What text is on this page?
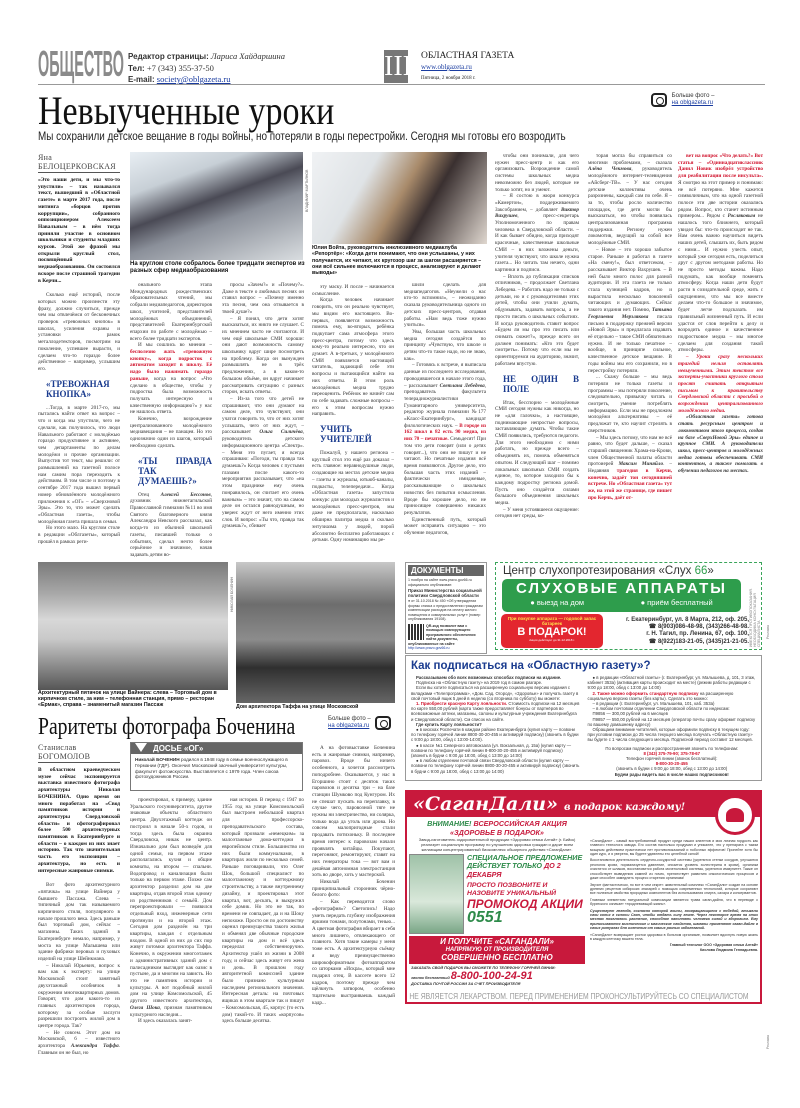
ОБЩЕСТВО Редактор страницы: Лариса Хайдаршина
Тел: +7 (343) 355-37-50
E-mail: society@oblgazeta.ru	III ОБЛАСТНАЯ ГАЗЕТА
www.oblgazeta.ru
Пятница, 2 ноября 2018 г.
Невыученные уроки
Мы сохранили детское вещание в годы войны, но потеряли в годы перестройки. Сегодня мы готовы его возродить
Больше фото –
на oblgazeta.ru
Яна БЕЛОЦЕРКОВСКАЯ
«Это наши дети, и мы что-то упустили» – так назывался текст, вышедший в «Областной газете» в марте 2017 года, после митинга «борцов против коррупции», собранного оппозиционером Алексеем Навальным – в нём тогда приняли участие в основном школьники и студенты младших курсов. Этой же фразой мы открыли круглый стол, посвящённый медиаобразованию. Он состоялся вскоре после страшной трагедии в Керчи...

Сколько ещё историй, после которых можно произнести эту фразу, должно случиться, прежде чем мы отвлечёмся от бесконечных проверок «тревожных кнопок» в школах, усиления охраны и установки рамок металлодетекторов, посмотрим на поколение, успевшее вырасти, и сделаем что-то гораздо более действенное – например, услышим его.

«ТРЕВОЖНАЯ КНОПКА»

...Тогда, в марте 2017-го, мы пытались найти ответ на вопрос – что и когда мы упустили, чего не сделали, как получилось, что люди Навального работают с молодёжью гораздо продуктивнее и активнее, чем департаменты по делам молодёжи и прочие организации. Выпустив тот текст, мы решили: от размышлений на газетной полосе нам самим пора переходить к действиям. В том числе и поэтому в сентябре 2017 года вышел первый номер обновлённого молодёжного приложения к «ОГ» – «Сверхновой Эры». Это то, что может сделать «Областная газета», чтобы молодёжная газета пришла в семьи.

Но этого мало. На круглом столе в редакции «Облгазеты», который прошёл в рамках реги-

ВЛАДИМИР МАРТЬЯНОВ
На круглом столе собралось более тридцати экспертов из разных сфер медиаобразования
Юлия Войта, руководитель инклюзивного медиаклуба «Репортёр»: «Когда дети понимают, что они услышаны, у них получается, их читают, их кругозор шаг за шагом расширяется – они всё сильнее включаются в процесс, анализируют и делают выводы»

онального этапа Международных рождественских образовательных чтений, мы собрали медиапедагогов, директоров школ, учителей, представителей молодёжных объединений, представителей Екатеринбургской епархии по работе с молодёжью – всего более тридцати экспертов.

И мы сошлись во мнении – бесполезно жать «тревожную кнопку», когда подросток с автоматом заходит в школу. Её надо было нажимать гораздо раньше, когда на вопрос «Что сделано в обществе, чтобы у подростка была возможность получать интересную и качественную информацию?» у нас не нашлось ответа.

Конечно, возрождение централизованного молодёжного медиавещания – не панацея. Но это однозначно один из шагов, который необходимо сделать.

«ТЫ ПРАВДА ТАК ДУМАЕШЬ?»

Отец Алексей Бессонов, духовник нижнетагильской Православной гимназии №11 во имя Святого благоверного князя Александра Невского рассказал, как когда-то из обычной школьной газеты, писавшей только о событиях, сделал нечто более серьёзное и значимое, начав задавать детям во-

просы «Зачем?» и «Почему?». Даже в тексте о любимых песнях он ставил вопрос – «Почему именно эта песня, чем она отзывается в твоей душе?»

– Я понял, что дети хотят высказаться, их никто не слушает. С их мнением часто не считаются. И чем ещё школьные СМИ хороши: они дают возможность самому школьнику вдруг шире посмотреть на проблему. Когда он вынужден размышлять не в трёх предложениях, а в каком-то большом объёме, он вдруг начинает рассматривать ситуацию с разных сторон, искать ответы.

– Из-за того что детей не спрашивают, что они думают на самом деле, что чувствуют, они учатся говорить то, что от них хотят услышать, чего от них ждут, – рассказывает Ольга Силичёва, руководитель детского информационного центра «Спектр». – Меня это пугает, я всегда спрашиваю: «Погоди, ты правда так думаешь?» Когда человек с пустыми глазами после какого-то мероприятия рассказывает, что «на этом празднике ему очень понравилось, он считает его очень важным» – это значит, что на самом деле он остался равнодушным, но уверен: ждут от него именно этих слов. И вопрос: «Ты что, правда так думаешь?», сбивает

эту маску. И после – начинается осмысление.

Когда человек начинает говорить, что он реально чувствует, мы видим его настоящего. Во-первых, появляется возможность помочь ему, во-вторых, ребёнка подкупает сама атмосфера этого пресс-центра, потому что здесь кому-то реально интересно, что он думает. А в-третьих, у молодёжного СМИ появляется настоящий читатель, задающий себе эти вопросы и пытающийся найти на них ответы. В этом роль молодёжных медиа трудно переоценить. Ребёнок не начнёт сам по себе задавать сложные вопросы – его к этим вопросам нужно направить.

УЧИТЬ УЧИТЕЛЕЙ

Пожалуй, у нашего региона – круглый стол это ещё раз доказал – есть главное: неравнодушные люди, создающие на местах детские медиа – газеты и журналы, ютьюб-каналы, подкасты, телепередачи... Когда «Областная газета» запустила конкурс для молодых журналистов и молодёжных пресс-центров, мы даже не предполагали, насколько обширна палитра медиа и сколько энтузиазма у людей, порой абсолютно бесплатно работающих с детьми. Одну номинацию мы ре-

шили сделать для медиапедагогов. «Неужели о нас кто-то вспомнил», – неожиданно сказала руководительница одного из детских пресс-центров, отдавая работы. «Нам ведь тоже нужно учиться».

Увы, большая часть школьных медиа сегодня создаётся по принципу «Чувствую, что школе и детям что-то такое надо, но не знаю, как».

– Готовясь к встрече, я выписала данные из последнего исследования, проводившегося в начале этого года, – рассказывает Светлана Лебедева, преподаватель факультета телерадиожурналистики Гуманитарного университета, редактор журнала гимназии №177 «Класс-Екатеринбург», кандидат филологических наук. – В городе из 162 школ в 82 есть 90 медиа, из них 70 – печатные. Семьдесят! При том что дети говорят (или о детях говорят...), что они не пишут и не читают. Но печатные издания всё время появляются. Другое дело, что большая часть этих изданий – фактически имиджевые, рассказывающие о школьных новостях без попытки осмысления. Вроде бы хорошее дело, но не приносящее совершенно никаких результатов.

Единственный путь, который может исправить ситуацию – это обучение педагогов,

чтобы они понимали, для чего нужен пресс-центр и как его организовать. Возрождение самой системы школьных медиа невозможно без людей, которые не только хотят, но и умеют.

– Я состою в жюри конкурса «Камертон», поддерживаемого Заксобранием, – добавляет Виктор Вахрушев, пресс-секретарь Уполномоченного по правам человека в Свердловской области. – И как бывает обидно, когда приходят красочные, качественные школьные СМИ – в них вложены деньги, учителя чувствуют, что школе нужна газета... Но читать там нечего, одни картинки и подписи.

– Вплоть до публикации списков отличников, – продолжает Светлана Лебедева. – Работать надо не только с детьми, но и с руководителями этих детей, чтобы они учили думать, обдумывать, задавать вопросы, а не просто писать о школьных событиях. И когда руководитель ставит вопрос «Будем ли мы про это писать или снимать сюжет?», прежде всего он должен понимать: «Кто это будет смотреть». Потому что если мы не ориентируемся на аудиторию, значит, работаем впустую.

НЕ ОДИН В ПОЛЕ

Итак, бесспорно – молодёжные СМИ сегодня нужны как никогда, но не «для галочки», а настоящие, поднимающие непростые вопросы, заставляющие думать. Чтобы такие СМИ появились, требуются педагоги. Для этого необходимо с ними работать, но прежде всего – объединять их, помочь обменяться опытом. И следующий шаг – помимо локальных школьных СМИ создать единое, то, которое заходило бы к каждому подростку региона домой. Пусть оно создаётся силами большого объединения школьных медиа.

– У меня устоявшееся ощущение: сегодня нет среды, ко-

торая могла бы справиться со многими проблемами, – сказала Алёна Чекмова, руководитель молодёжного интернет-телевидения «Айсберг-ТВ». – У нас сегодня детские коллективы очень разрознены, каждый сам по себе. Я – за то, чтобы росло количество площадок, где дети могли бы высказаться, но чтобы появилась централизованная программа поддержки. Региону нужен локомотив, ведущий за собой все молодёжные СМИ.

– Новое – это хорошо забытое старое. Раньше я работал в газете «На смену!», был ответсеком, – рассказывает Виктор Вахрушев. – В ней было много полос для разной аудитории. И эта газета не только стала кузницей кадров, но и вырастила несколько поколений читающих и думающих. Сейчас такого издания нет. Помню, Татьяна Георгиевна Мерзлякова писала письмо в поддержку прежней версии «Новой Эры» и предлагала издавать её отдельно – такое СМИ обязательно нужно. И не только печатное – вообще, в принципе сильное, качественное детское вещание. В годы войны мы его сохранили, но в перестройку потеряли.

... Скажу больше – мы ведь потеряли не только газеты и программы – мы потеряли поколение, следовательно, привычку читать и смотреть, умение потреблять информацию. Если мы не предложим молодёжи альтернативы – её предложат те, кто научит стрелять в сверстников.

– Мы здесь потому, что нам не всё равно, что будет дальше, – сказал старший священник Храма-на-Крови, член Общественной палаты области протоиерей Максим Миняйло. – Недавняя трагедия в Керчи, конечно, задаёт тон сегодняшней встрече. Но «Областная газета» тут же, на этой же странице, где пишет про Керчь, даёт от-

вет на вопрос «Что делать?» Вот статья – «Одиннадцатиклассник Данил Новик изобрёл устройство для реабилитации после инсульта». Я смотрю на этот пример и понимаю: не всё потеряно. Мне кажется символичным, что на одной газетной полосе эти две истории оказались рядом. Вопрос, кто станет истинным примером... Рядом с Росляковым не нашлось того ближнего, который увидел бы: что-то происходит не так. Нам очень важно научиться видеть наших детей, слышать их, быть рядом с ними... И нужно учесть опыт, который уже сегодня есть, поделиться друг с другом методами работы. Но не просто методы важны. Надо подумать, как вообще поменять атмосферу. Когда наши дети будут расти в созидательной среде, жить с ощущением, что мы все вместе делаем что-то большое и значимое, будет легче подсказать им правильный жизненный путь. И если удастся от слов перейти к делу и возродить единое и качественное подростковое медиа – мы многое сделаем для создания такой атмосферы.

– Уроки сразу нескольких трагедий нельзя оставлять невыученными. Этим текстом все эксперты-участники круглого стола просят считать открытым письмом к правительству Свердловской области с просьбой о возрождении централизованного молодёжного медиа.

«Областная газета» готова стать ресурсным центром и локомотивом этого процесса, создав на базе «СверхНовой Эры» единое и крупное СМИ. А руководители школ, пресс-центров и молодёжных медиа готовы обеспечивать СМИ контентом, а также помогать в обучении педагогов на местах.

НИКОЛАЙ БОЧЕНИН
Архитектурный пятачок на улице Вайнера: слева – Торговый дом в кирпичном стиле, за ним – телефонная станция, прямо – ресторан «Ермак», справа – знаменитый магазин Пассаж	Дом архитектора Таффа на улице Московской
Раритеты фотографа Боченина	Больше фото –
на oblgazeta.ru
Станислав БОГОМОЛОВ
В областном краеведческом музее сейчас экспонируется выставка известного фотографа архитектуры Николая БОЧЕНИНА. Одно время он много поработал на «Свод памятников истории и архитектуры Свердловской области» и сфотографировал более 500 архитектурных памятников в Екатеринбурге и области – о каждом из них знает историю. Так что значительная часть его экспозиции – архитектура, но есть и интересные жанровые снимки.

Вот фото архитектурного «пятачка» на улице Вайнера у бывшего Пассажа. Слева – типичный дом так называемого кирпичного стиля, популярного в начале прошлого века. Здесь раньше был торговый дом, сейчас – магазины. Таких зданий в Екатеринбурге немало, например, у моста на улице Малышева или здание фабрики перовых и пуховых изделий на улице Шейнкмана.

– Николай Юрьевич, вопрос к вам как к эксперту: на улице Московской стоит занятный двухэтажный особнячок в окружении многоквартирных домов. Говорят, что дом какого-то из главных архитекторов города, которому за особые заслуги разрешили построить жилой дом в центре города. Так?

– Не совсем. Этот дом на Московской, 6 – известного архитектора Александра Таффа. Главным он не был, но

ДОСЬЕ «ОГ»
Николай БОЧЕНИН родился в 1948 году в семье военнослужащего в Германии (ГДР). Окончил Московский заочный университет культуры, факультет фотоискусства. Выставляется с 1979 года. Член союза фотохудожников России.

проектировал, к примеру, здание Уральского госуниверситета, другие знаковые объекты областного центра. Двухэтажный коттедж он построил в начале 50-х годов, и тогда здесь была окраина Свердловска, никак не центр. Изначально дом был возведён для одной семьи, на первом этаже располагались кухня и общие комнаты, на втором — спальни. Водопровод и канализация были только на первом этаже. Позже сам архитектор разделил дом на две квартиры, отдав второй этаж одному из родственников с семьёй. Дом перепроектировали — появился отдельный вход, инженерные сети протянули и на второй этаж. Сегодня дом разделён на три квартиры, каждая с отдельным входом. В одной из них до сих пор живут потомки архитектора Таффа. Конечно, в окружении многоэтажек и административных зданий дом с палисадником выглядит как оазис в пустыне, да и многим на зависть. Но это не памятник истории и культуры. А вот подобный жилой дом на улице Комсомольской, 45 другого известного архитектора, Олега Шока, признан памятником культурного наследия...

И здесь оказалась занят-

ная история. В период с 1947 по 1955 год на улице Комсомольской был выстроен небольшой квартал для профессорско-преподавательского состава, который прозвали «немецким» за малоэтажные дома-коттеджи в европейском стиле. Большинство из них были коммуналками, в квартирах жили по несколько семей. Раньше поговаривали, что Олег Шок, большой специалист по малоэтажному и коттеджному строительству, а также внутреннему дизайну, и проектировал этот квартал, вот, дескать, и выкружил себе домик. Но это не так, по времени не совпадает, да и на Шоку непохоже. Просто он по достоинству оценил преимущества такого жилья и обменял две обычные городские квартиры на дом и всё здесь переделал собственноручно. Архитектор ушёл из жизни в 2008 году, и сейчас здесь живут его жена и дочь. В прошлом году авторитетной комиссией здание было признано культурным наследием регионального значения. Интересная деталь: на почтовых ящиках в этом квартале так и пишут – Комсомольская, 45, корпус (то есть дом) такой-то. И таких «корпусов» здесь больше десятка.

А на фотовыставке Боченина есть и жанровые снимки, например, паровоз. Вроде бы ничего особенного, а хочется рассмотреть поподробнее. Оказывается, у нас в Егоршино стоит с десяток таких паровозов и десятка три – на базе станции Шумково под Кунгуром. Их не спешат пускать на переплавку, в случае чего, паровозной тяге не нужны ни электричество, ни солярка, только вода да уголь или дрова. Но совсем малопригодные стали продавать потихоньку. В последнее время интерес к паровозам начали проявлять китайцы. Покупают, перегоняют, ремонтируют, ставят на них генераторы тока — вот вам и дешёвая автономная электростанция хоть во дворе, хоть у мастерской.

Николай Боченин принципиальный сторонник чёрно-белого фото:

– Как переводится слово «фотография»? Светопись! Надо уметь передать глубину изображения яркими тонами, полутонами, тенью... А цветная фотография вбирает в себя много лишнего, отвлекающего от главного. Хотя такие камеры у меня тоже есть. А архитектурную съёмку я веду преимущественно широкоформатным фотоаппаратом со шторками «Искра», который мне подарил отец. В кассете всего 12 кадров, поэтому прежде чем щёлкнуть затвором, особенно тщательно выстраиваешь каждый кадр...

ДОКУМЕНТЫ
1 ноября на сайте www.pravo.gov66.ru официально опубликован:
Приказ Министерства социальной политики Свердловской области
● от 31.10.2018 № 450 «Об утверждении формы списка о предоставлении гражданам компенсации расходов на оплату жилого помещения и коммунальных услуг» (номер опубликования 19108).
QR-код позволит вам с помощью сканирующего программного обеспечения найти документы, опубликованные на сайте http://www.pravo.gov66.ru
Центр слухопротезирования «Слух 66»
СЛУХОВЫЕ АППАРАТЫ
● выезд на дом	● приём бесплатный
При покупке аппарата — годовой запас батареек
В ПОДАРОК!
Акция действует до 31.12.2018 г.
г. Екатеринбург, ул. 8 Марта, 212, оф. 205,
☎ 8(903)086-48-98, (343)266-48-98.
г. Н. Тагил, пр. Ленина, 67, оф. 100,
☎ 8(922)183-21-05, (3435)21-21-05. ИМЕЮТСЯ ПРОТИВОПОКАЗАНИЯ. НЕОБХОДИМА КОНСУЛЬТАЦИЯ СПЕЦИАЛИСТА Реклама
Как подписаться на «Областную газету»?

Рассказываем обо всех возможных способах подписки на издание.

Подписка на «Областную газету» на 2019 год в самом разгаре.

Если вы хотите подписаться на расширенную социальную версию издания с вкладками «Телепрограмма», «Дом. Сад. Огород», «Здоровье» и получать газету в свой почтовый ящик 5 дней в неделю (со вторника по субботу) вы можете:

1. Приобрести красную Карту лояльности. Стоимость подписки на 12 месяцев по карте 550,00 рублей (карта также предоставляет бонусы от партнёров во всевозможные аптеки, магазины, салоны и культурные учреждения Екатеринбурга и Свердловской области). См список на сайте.

Где купить Карту лояльности?

● в киосках Роспечати в каждом районе Екатеринбурга (купил карту — позвони по телефону горячей линии 8800-30-20-455 и активируй подписку) (звонить в будни с 9:00 до 18:00, обед с 13:00-14:00).

● в кассе №1 Северного автовокзала (ул. Вокзальная, д. 15а) (купил карту — позвони по телефону горячей линии 8-800-30-20-455 и активируй подписку) (звонить в будни с 9:00 до 18:00, обед с 13:00 до 14:00)

● в любом отделении почтовой связи Свердловской области (купил карту — позвони по телефону горячей линии 8800-30-20-455 и активируй подписку) (звонить в будни с 9:00 до 18:00, обед с 13:00 до 14:00)

● в редакции «Областной газеты» (г. Екатеринбург, ул. Малышева, д. 101, 3 этаж, кабинет 353а) (активация карты происходит на месте) (режим работы редакции с 9:00 до 18:00, обед с 13:00 до 14:00)

2. Также можно оформить стандартную подписку на расширенную социальную версию газеты (без карты). Сделать это можно:

– в редакции (г. Екатеринбург, ул. Малышева, 101, каб. 353а)

– в любом почтовом отделении Свердловской области по индексам:

П9856 — 300,00 рублей на 6 месяцев

П9857 — 550,00 рублей на 12 месяцев (оператор почты сразу оформит подписку по вашему домашнему адресу)

Обращаем внимание читателей, которые оформили подписку в текущем году: при условии подписки до 25 числа текущего месяца получать «Областную газету» вы будете с 1 числа следующего месяца. Подписной период составит 12 месяцев.

По вопросам подписки и распространения звонить по телефонам:

8 (343) 375-79-90; 375-78-67

Телефон горячей линии (звонок бесплатный):

8-800-30-20-455

(звонить в будни с 9:00 до 18:00, обед с 13:00 до 14:00)

Будем рады видеть вас в числе наших подписчиков!

«СаганДали» в подарок каждому!
ВНИМАНИЕ! ВСЕРОССИЙСКАЯ АКЦИЯ «ЗДОРОВЬЕ В ПОДАРОК»
Завод-изготовитель оздоровительной продукции «Здоровая семья Алтай» (г. Бийск) реализует социальную программу по улучшению здоровья граждан и дарит всем желающим концентрированный биокомплекс обширного действия «СаганДали».
СПЕЦИАЛЬНОЕ ПРЕДЛОЖЕНИЕ ДЕЙСТВУЕТ ТОЛЬКО ДО 2 ДЕКАБРЯ
ПРОСТО ПОЗВОНИТЕ И НАЗОВИТЕ УНИКАЛЬНЫЙ
ПРОМОКОД АКЦИИ 0551
И ПОЛУЧИТЕ «САГАНДАЛИ»
НАПРЯМУЮ ОТ ПРОИЗВОДИТЕЛЯ
СОВЕРШЕННО БЕСПЛАТНО
ЗАКАЗАТЬ СВОЙ ПОДАРОК ВЫ СМОЖЕТЕ ПО ТЕЛЕФОНУ ГОРЯЧЕЙ ЛИНИИ:
звонок бесплатный 8-800-100-24-91
ДОСТАВКА ПОЧТОЙ РОССИИ ЗА СЧЕТ ПРОИЗВОДИТЕЛЯ

«СаганДали» - самый востребованный продукт среди наших клиентов и моя личная гордость как главного технолога завода. Его состав настолько продуман и уникален, что у препарата с таким мощным действием практически нет противопоказаний и побочных эффектов! Пропейте хотя бы один курс, и я уверена, вы будете удивлены его целебной силой!

Восстановится деятельность сердечно-сосудистой системы (укрепятся стенки сосудов, улучшится реология крови, нормализуется давление, снизится уровень холестерина в крови), организм очистится от шлаков, восстановится работа мочеполовой системы, укрепится иммунитет. Также он способствует выведению камней из почек, препятствует развитию онкологических процессов и даже способен замедлить процесс старения организма!

Звучит фантастически, но вот в чем секрет: живительный комплекс «СаганДали» создан на основе древних рецептов сибирских знахарей с помощью современных технологий, которые сохраняют все полезные свойства природных компонентов без использования спирта, сахара и консервантов.

Главным элементом натуральной композиции является трава саган-дайля, что в переводе с бурятского означает «продлевающий жизнь».

Существует легенда, согласно которой воины, возвращающиеся с победой, втыкали свои копья в склоны Саян, чтобы отдать силу земле. Через некоторое время на этих местах появлялось растение, способное наполнять человека силой и здоровьем. Ему приписываются мистические и магические свойства, шаманы применяют саган-дайля в своих ритуалах для излечения от самых разных заболеваний.

«СаганДали» возвращает ростки здоровья в больном организме, позволяет вдохнуть новую жизнь в каждую клеточку вашего тела.

Главный технолог ООО «Здоровая семья Алтай»
Кислова Людмила Геннадьевна.
НЕ ЯВЛЯЕТСЯ ЛЕКАРСТВОМ. ПЕРЕД ПРИМЕНЕНИЕМ ПРОКОНСУЛЬТИРУЙТЕСЬ СО СПЕЦИАЛИСТОМ
Реклама
